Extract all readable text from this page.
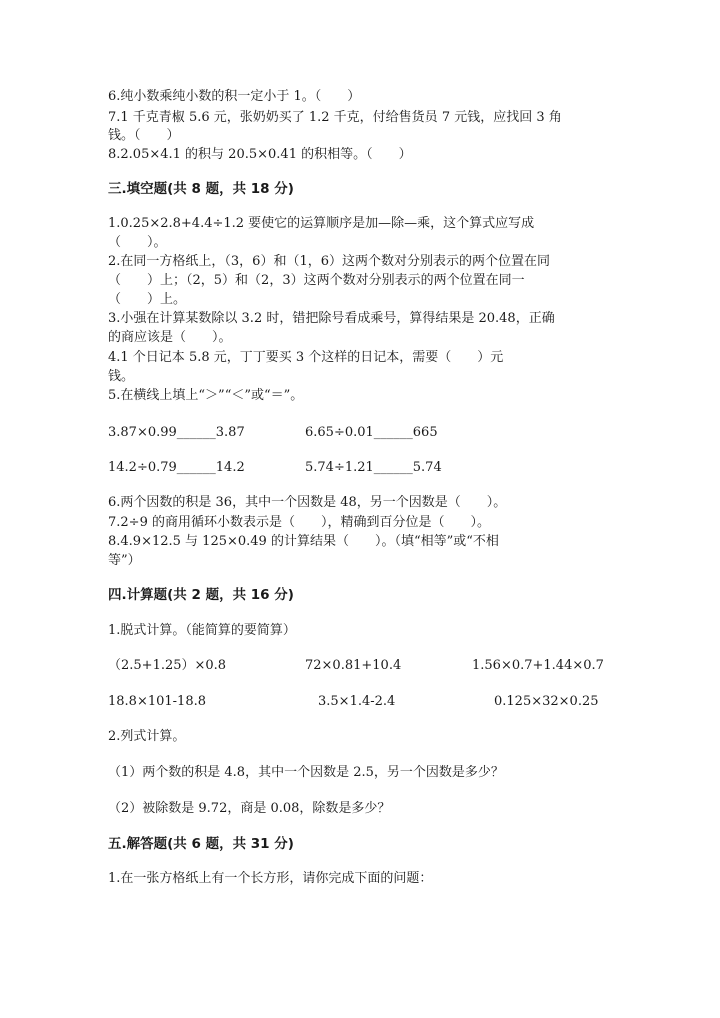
6.纯小数乘纯小数的积一定小于 1。（　　）
7.1 千克青椒 5.6 元，张奶奶买了 1.2 千克，付给售货员 7 元钱，应找回 3 角
钱。（　　）
8.2.05×4.1 的积与 20.5×0.41 的积相等。（　　）
三.填空题(共 8 题，共 18 分)
1.0.25×2.8+4.4÷1.2 要使它的运算顺序是加—除—乘，这个算式应写成
（　　）。
2.在同一方格纸上，（3，6）和（1，6）这两个数对分别表示的两个位置在同
（　　）上；（2，5）和（2，3）这两个数对分别表示的两个位置在同一
（　　）上。
3.小强在计算某数除以 3.2 时，错把除号看成乘号，算得结果是 20.48，正确
的商应该是（　　）。
4.1 个日记本 5.8 元，丁丁要买 3 个这样的日记本，需要（　　）元
钱。
5.在横线上填上“＞”“＜”或“＝”。
3.87×0.99______3.87	6.65÷0.01______665
14.2÷0.79______14.2	5.74÷1.21______5.74
6.两个因数的积是 36，其中一个因数是 48，另一个因数是（　　）。
7.2÷9 的商用循环小数表示是（　　），精确到百分位是（　　）。
8.4.9×12.5 与 125×0.49 的计算结果（　　）。（填“相等”或“不相
等”）
四.计算题(共 2 题，共 16 分)
1.脱式计算。（能简算的要简算）
（2.5+1.25）×0.8	72×0.81+10.4	1.56×0.7+1.44×0.7
18.8×101-18.8	3.5×1.4-2.4	0.125×32×0.25
2.列式计算。
（1）两个数的积是 4.8，其中一个因数是 2.5，另一个因数是多少？
（2）被除数是 9.72，商是 0.08，除数是多少？
五.解答题(共 6 题，共 31 分)
1.在一张方格纸上有一个长方形，请你完成下面的问题：
